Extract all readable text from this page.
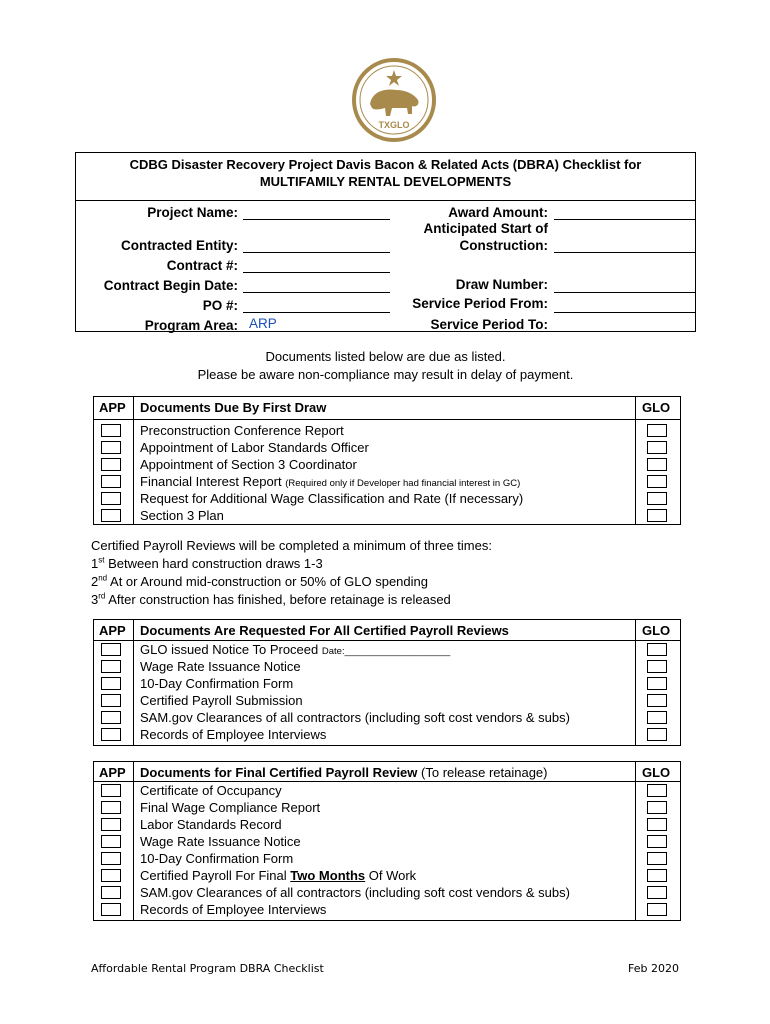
TXGLO
CDBG Disaster Recovery Project Davis Bacon & Related Acts (DBRA) Checklist for
MULTIFAMILY RENTAL DEVELOPMENTS
Project Name:
Contracted Entity:
Contract #:
Contract Begin Date:
PO #:
Program Area: ARP
Award Amount:
Anticipated Start of
Construction:
Draw Number:
Service Period From:
Service Period To:
Documents listed below are due as listed.
Please be aware non-compliance may result in delay of payment.
APP Documents Due By First Draw	GLO
Preconstruction Conference Report
Appointment of Labor Standards Officer
Appointment of Section 3 Coordinator
Financial Interest Report (Required only if Developer had financial interest in GC)
Request for Additional Wage Classification and Rate (If necessary)
Section 3 Plan
Certified Payroll Reviews will be completed a minimum of three times:
1st Between hard construction draws 1-3
2nd At or Around mid-construction or 50% of GLO spending
3rd After construction has finished, before retainage is released
APP Documents Are Requested For All Certified Payroll Reviews	GLO
GLO issued Notice To Proceed Date:____________________
Wage Rate Issuance Notice
10-Day Confirmation Form
Certified Payroll Submission
SAM.gov Clearances of all contractors (including soft cost vendors & subs)
Records of Employee Interviews
APP Documents for Final Certified Payroll Review (To release retainage)	GLO
Certificate of Occupancy
Final Wage Compliance Report
Labor Standards Record
Wage Rate Issuance Notice
10-Day Confirmation Form
Certified Payroll For Final Two Months Of Work
SAM.gov Clearances of all contractors (including soft cost vendors & subs)
Records of Employee Interviews
Affordable Rental Program DBRA Checklist	Feb 2020
